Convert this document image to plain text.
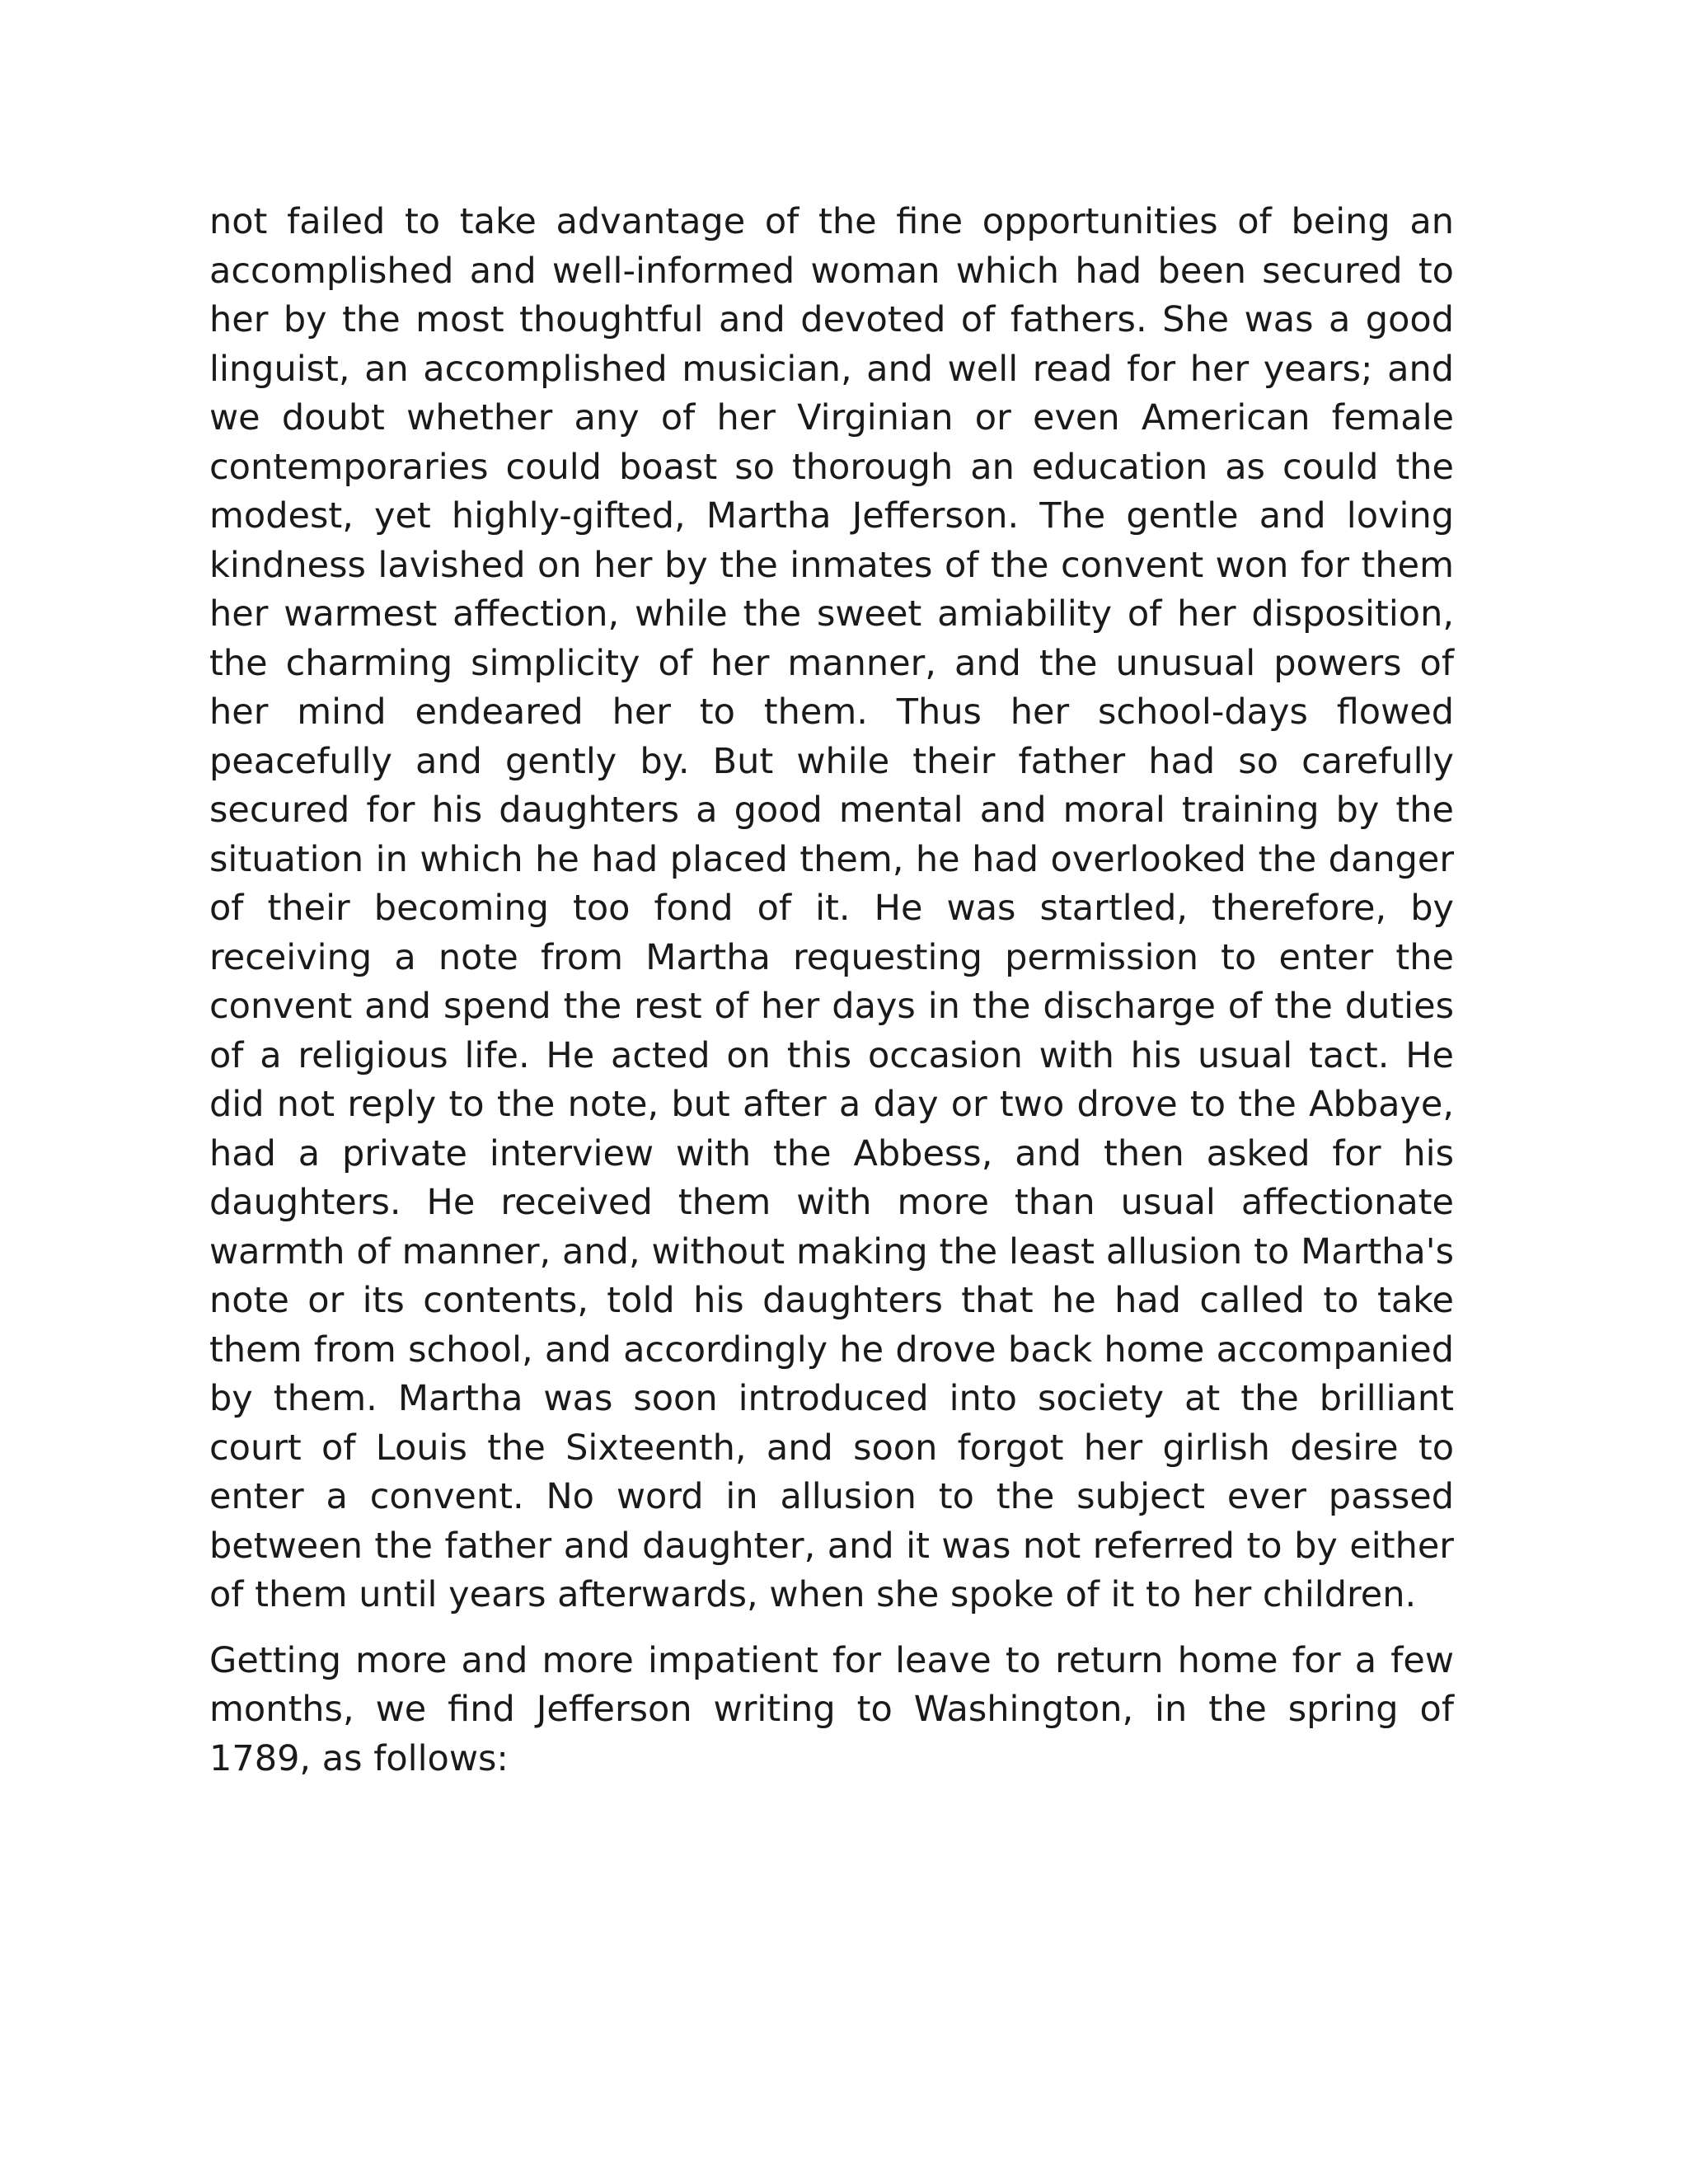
not failed to take advantage of the fine opportunities of being an accomplished and well-informed woman which had been secured to her by the most thoughtful and devoted of fathers. She was a good linguist, an accomplished musician, and well read for her years; and we doubt whether any of her Virginian or even American female contemporaries could boast so thorough an education as could the modest, yet highly-gifted, Martha Jefferson. The gentle and loving kindness lavished on her by the inmates of the convent won for them her warmest affection, while the sweet amiability of her disposition, the charming simplicity of her manner, and the unusual powers of her mind endeared her to them. Thus her school-days flowed peacefully and gently by. But while their father had so carefully secured for his daughters a good mental and moral training by the situation in which he had placed them, he had overlooked the danger of their becoming too fond of it. He was startled, therefore, by receiving a note from Martha requesting permission to enter the convent and spend the rest of her days in the discharge of the duties of a religious life. He acted on this occasion with his usual tact. He did not reply to the note, but after a day or two drove to the Abbaye, had a private interview with the Abbess, and then asked for his daughters. He received them with more than usual affectionate warmth of manner, and, without making the least allusion to Martha's note or its contents, told his daughters that he had called to take them from school, and accordingly he drove back home accompanied by them. Martha was soon introduced into society at the brilliant court of Louis the Sixteenth, and soon forgot her girlish desire to enter a convent. No word in allusion to the subject ever passed between the father and daughter, and it was not referred to by either of them until years afterwards, when she spoke of it to her children.

Getting more and more impatient for leave to return home for a few months, we find Jefferson writing to Washington, in the spring of 1789, as follows:
